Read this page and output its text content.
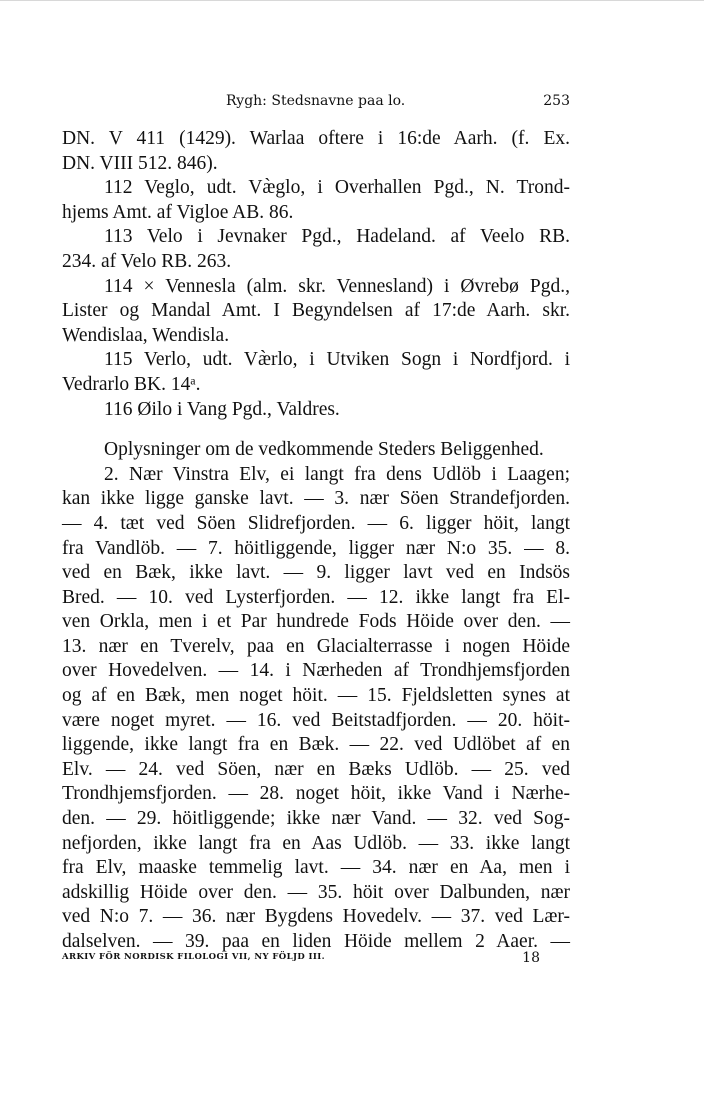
Rygh: Stedsnavne paa lo.	253
DN. V 411 (1429). Warlaa oftere i 16:de Aarh. (f. Ex.
DN. VIII 512. 846).
112 Veglo, udt. Væ̀glo, i Overhallen Pgd., N. Trond-
hjems Amt. af Vigloe AB. 86.
113 Velo i Jevnaker Pgd., Hadeland. af Veelo RB.
234. af Velo RB. 263.
114 × Vennesla (alm. skr. Vennesland) i Øvrebø Pgd.,
Lister og Mandal Amt. I Begyndelsen af 17:de Aarh. skr.
Wendislaa, Wendisla.
115 Verlo, udt. Væ̀rlo, i Utviken Sogn i Nordfjord. i
Vedrarlo BK. 14ᵃ.
116 Øilo i Vang Pgd., Valdres.
Oplysninger om de vedkommende Steders Beliggenhed.
2. Nær Vinstra Elv, ei langt fra dens Udlöb i Laagen;
kan ikke ligge ganske lavt. — 3. nær Söen Strandefjorden.
— 4. tæt ved Söen Slidrefjorden. — 6. ligger höit, langt
fra Vandlöb. — 7. höitliggende, ligger nær N:o 35. — 8.
ved en Bæk, ikke lavt. — 9. ligger lavt ved en Indsös
Bred. — 10. ved Lysterfjorden. — 12. ikke langt fra El-
ven Orkla, men i et Par hundrede Fods Höide over den. —
13. nær en Tverelv, paa en Glacialterrasse i nogen Höide
over Hovedelven. — 14. i Nærheden af Trondhjemsfjorden
og af en Bæk, men noget höit. — 15. Fjeldsletten synes at
være noget myret. — 16. ved Beitstadfjorden. — 20. höit-
liggende, ikke langt fra en Bæk. — 22. ved Udlöbet af en
Elv. — 24. ved Söen, nær en Bæks Udlöb. — 25. ved
Trondhjemsfjorden. — 28. noget höit, ikke Vand i Nærhe-
den. — 29. höitliggende; ikke nær Vand. — 32. ved Sog-
nefjorden, ikke langt fra en Aas Udlöb. — 33. ikke langt
fra Elv, maaske temmelig lavt. — 34. nær en Aa, men i
adskillig Höide over den. — 35. höit over Dalbunden, nær
ved N:o 7. — 36. nær Bygdens Hovedelv. — 37. ved Lær-
dalselven. — 39. paa en liden Höide mellem 2 Aaer. —
ARKIV FÖR NORDISK FILOLOGI VII, NY FÖLJD III.	18
